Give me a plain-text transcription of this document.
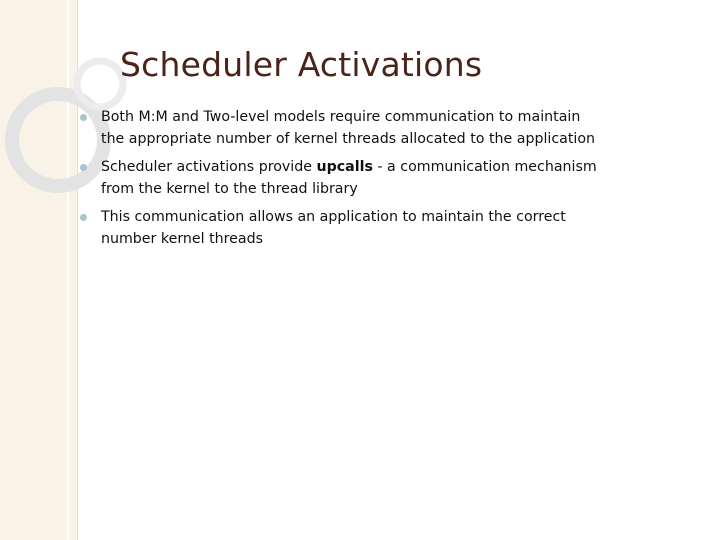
Scheduler Activations
Both M:M and Two-level models require communication to maintain the appropriate number of kernel threads allocated to the application
Scheduler activations provide upcalls - a communication mechanism from the kernel to the thread library
This communication allows an application to maintain the correct number kernel threads
